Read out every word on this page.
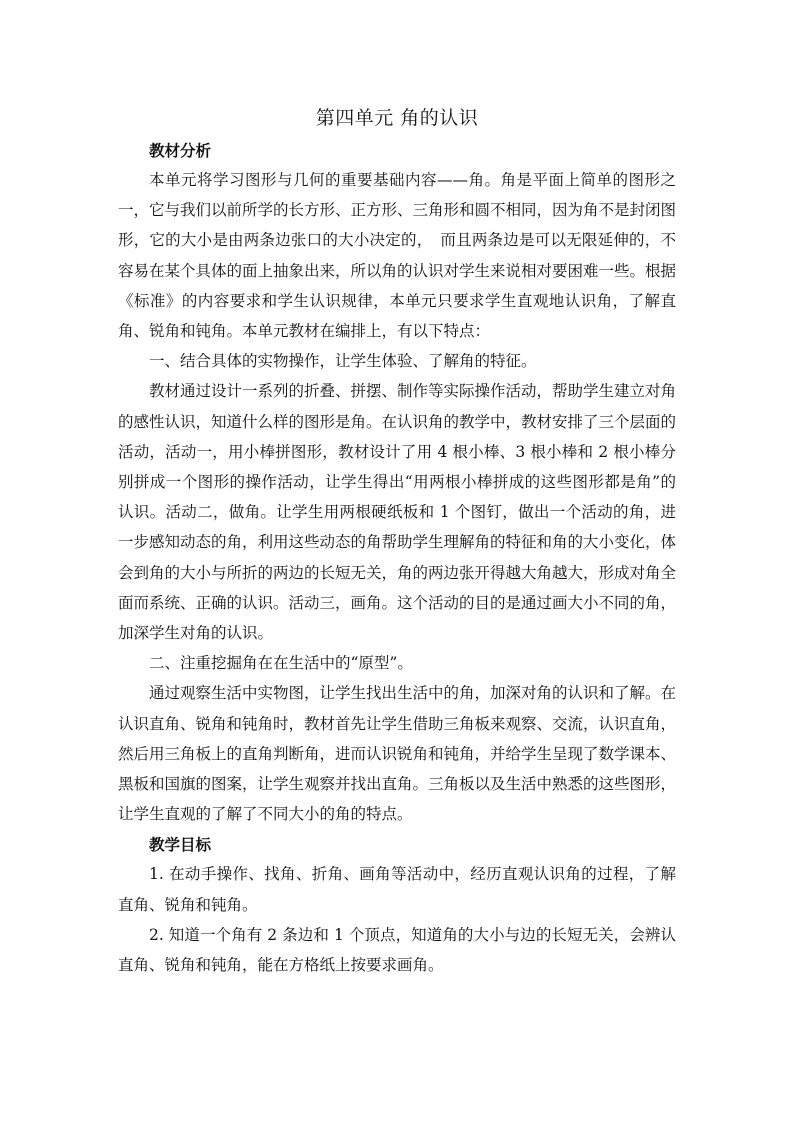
第四单元 角的认识
教材分析

本单元将学习图形与几何的重要基础内容——角。角是平面上简单的图形之一，它与我们以前所学的长方形、正方形、三角形和圆不相同，因为角不是封闭图形，它的大小是由两条边张口的大小决定的，　而且两条边是可以无限延伸的，不容易在某个具体的面上抽象出来，所以角的认识对学生来说相对要困难一些。根据《标准》的内容要求和学生认识规律，本单元只要求学生直观地认识角，了解直角、锐角和钝角。本单元教材在编排上，有以下特点：

一、结合具体的实物操作，让学生体验、了解角的特征。

教材通过设计一系列的折叠、拼摆、制作等实际操作活动，帮助学生建立对角的感性认识，知道什么样的图形是角。在认识角的教学中，教材安排了三个层面的活动，活动一，用小棒拼图形，教材设计了用 4 根小棒、3 根小棒和 2 根小棒分别拼成一个图形的操作活动，让学生得出“用两根小棒拼成的这些图形都是角”的认识。活动二，做角。让学生用两根硬纸板和 1 个图钉，做出一个活动的角，进一步感知动态的角，利用这些动态的角帮助学生理解角的特征和角的大小变化，体会到角的大小与所折的两边的长短无关，角的两边张开得越大角越大，形成对角全面而系统、正确的认识。活动三，画角。这个活动的目的是通过画大小不同的角，加深学生对角的认识。

二、注重挖掘角在在生活中的“原型”。

通过观察生活中实物图，让学生找出生活中的角，加深对角的认识和了解。在认识直角、锐角和钝角时，教材首先让学生借助三角板来观察、交流，认识直角，然后用三角板上的直角判断角，进而认识锐角和钝角，并给学生呈现了数学课本、黑板和国旗的图案，让学生观察并找出直角。三角板以及生活中熟悉的这些图形，让学生直观的了解了不同大小的角的特点。

教学目标

1. 在动手操作、找角、折角、画角等活动中，经历直观认识角的过程，了解直角、锐角和钝角。

2. 知道一个角有 2 条边和 1 个顶点，知道角的大小与边的长短无关，会辨认直角、锐角和钝角，能在方格纸上按要求画角。
